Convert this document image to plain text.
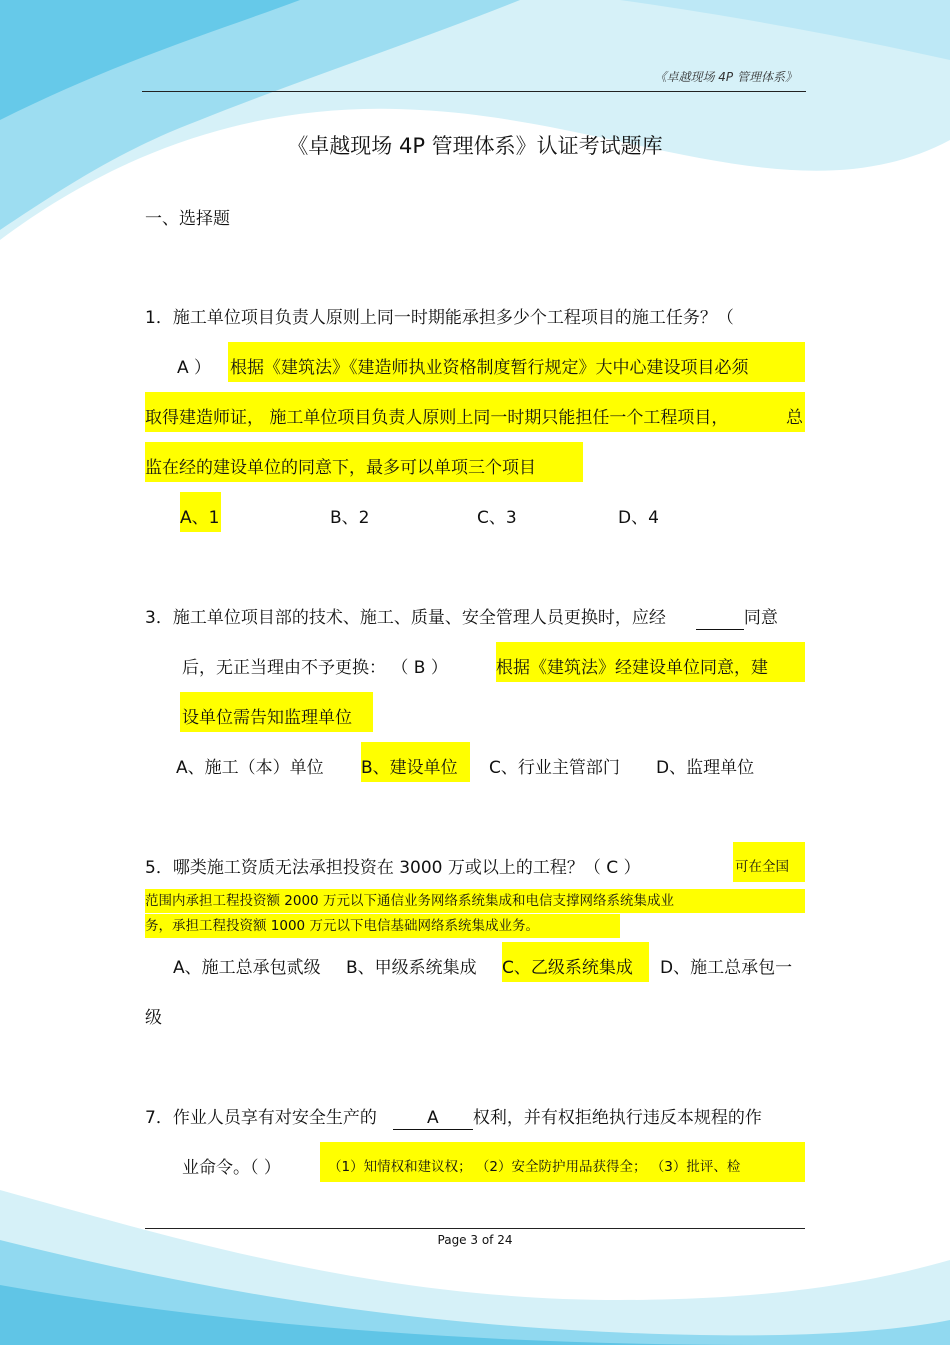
《卓越现场 4P 管理体系》
《卓越现场 4P 管理体系》认证考试题库
一、选择题
1．施工单位项目负责人原则上同一时期能承担多少个工程项目的施工任务？（
A ） 根据《建筑法》《建造师执业资格制度暂行规定》大中心建设项目必须
取得建造师证， 施工单位项目负责人原则上同一时期只能担任一个工程项目，	总
监在经的建设单位的同意下，最多可以单项三个项目
A、1	B、2	C、3	D、4
3．施工单位项目部的技术、施工、质量、安全管理人员更换时，应经	同意
后，无正当理由不予更换： （ B ）	根据《建筑法》经建设单位同意，建
设单位需告知监理单位
A、施工（本）单位 B、建设单位	C、行业主管部门 D、监理单位
5．哪类施工资质无法承担投资在 3000 万或以上的工程？（ C ）	可在全国
范围内承担工程投资额 2000 万元以下通信业务网络系统集成和电信支撑网络系统集成业
务，承担工程投资额 1000 万元以下电信基础网络系统集成业务。
A、施工总承包贰级 B、甲级系统集成 C、乙级系统集成	D、施工总承包一
级
7．作业人员享有对安全生产的	A 权利，并有权拒绝执行违反本规程的作
业命令。（ ）	（1）知情权和建议权； （2）安全防护用品获得全； （3）批评、检
Page 3 of 24
